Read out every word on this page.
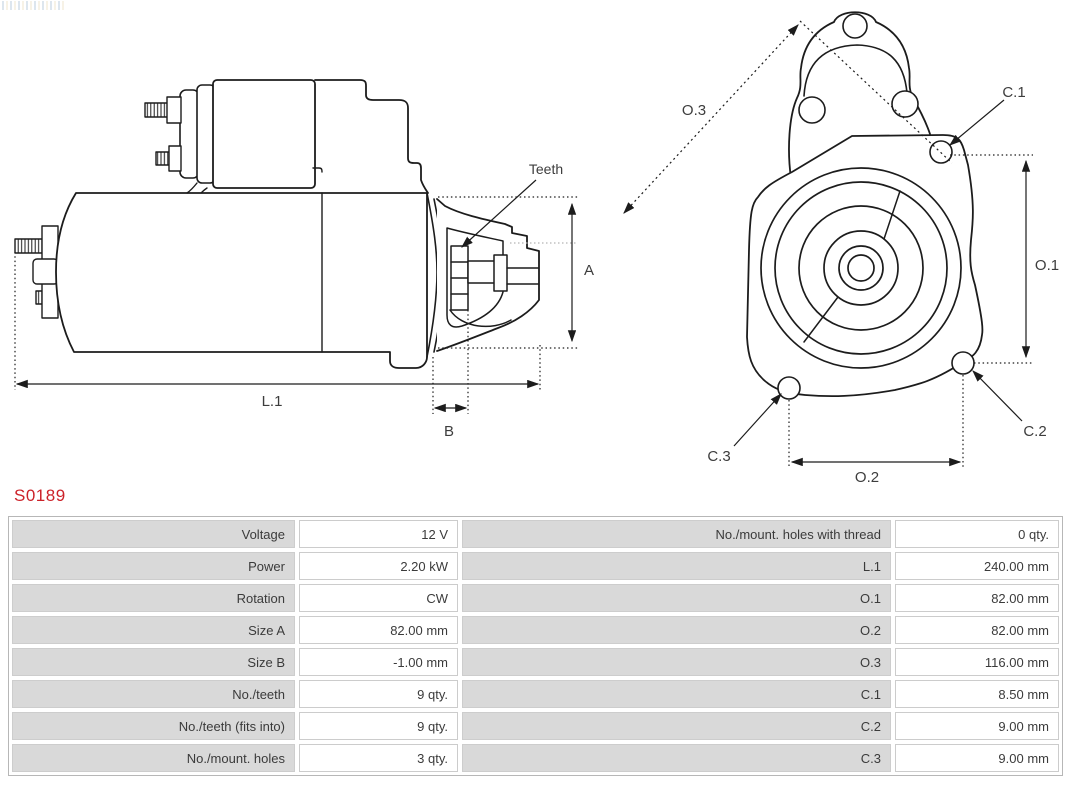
Teeth
A
L.1
B
O.3
O.1
O.2
C.1
C.2
C.3
S0189
Voltage	12 V	No./mount. holes with thread	0 qty.
Power	2.20 kW	L.1	240.00 mm
Rotation	CW	O.1	82.00 mm
Size A	82.00 mm	O.2	82.00 mm
Size B	-1.00 mm	O.3	116.00 mm
No./teeth	9 qty.	C.1	8.50 mm
No./teeth (fits into)	9 qty.	C.2	9.00 mm
No./mount. holes	3 qty.	C.3	9.00 mm
